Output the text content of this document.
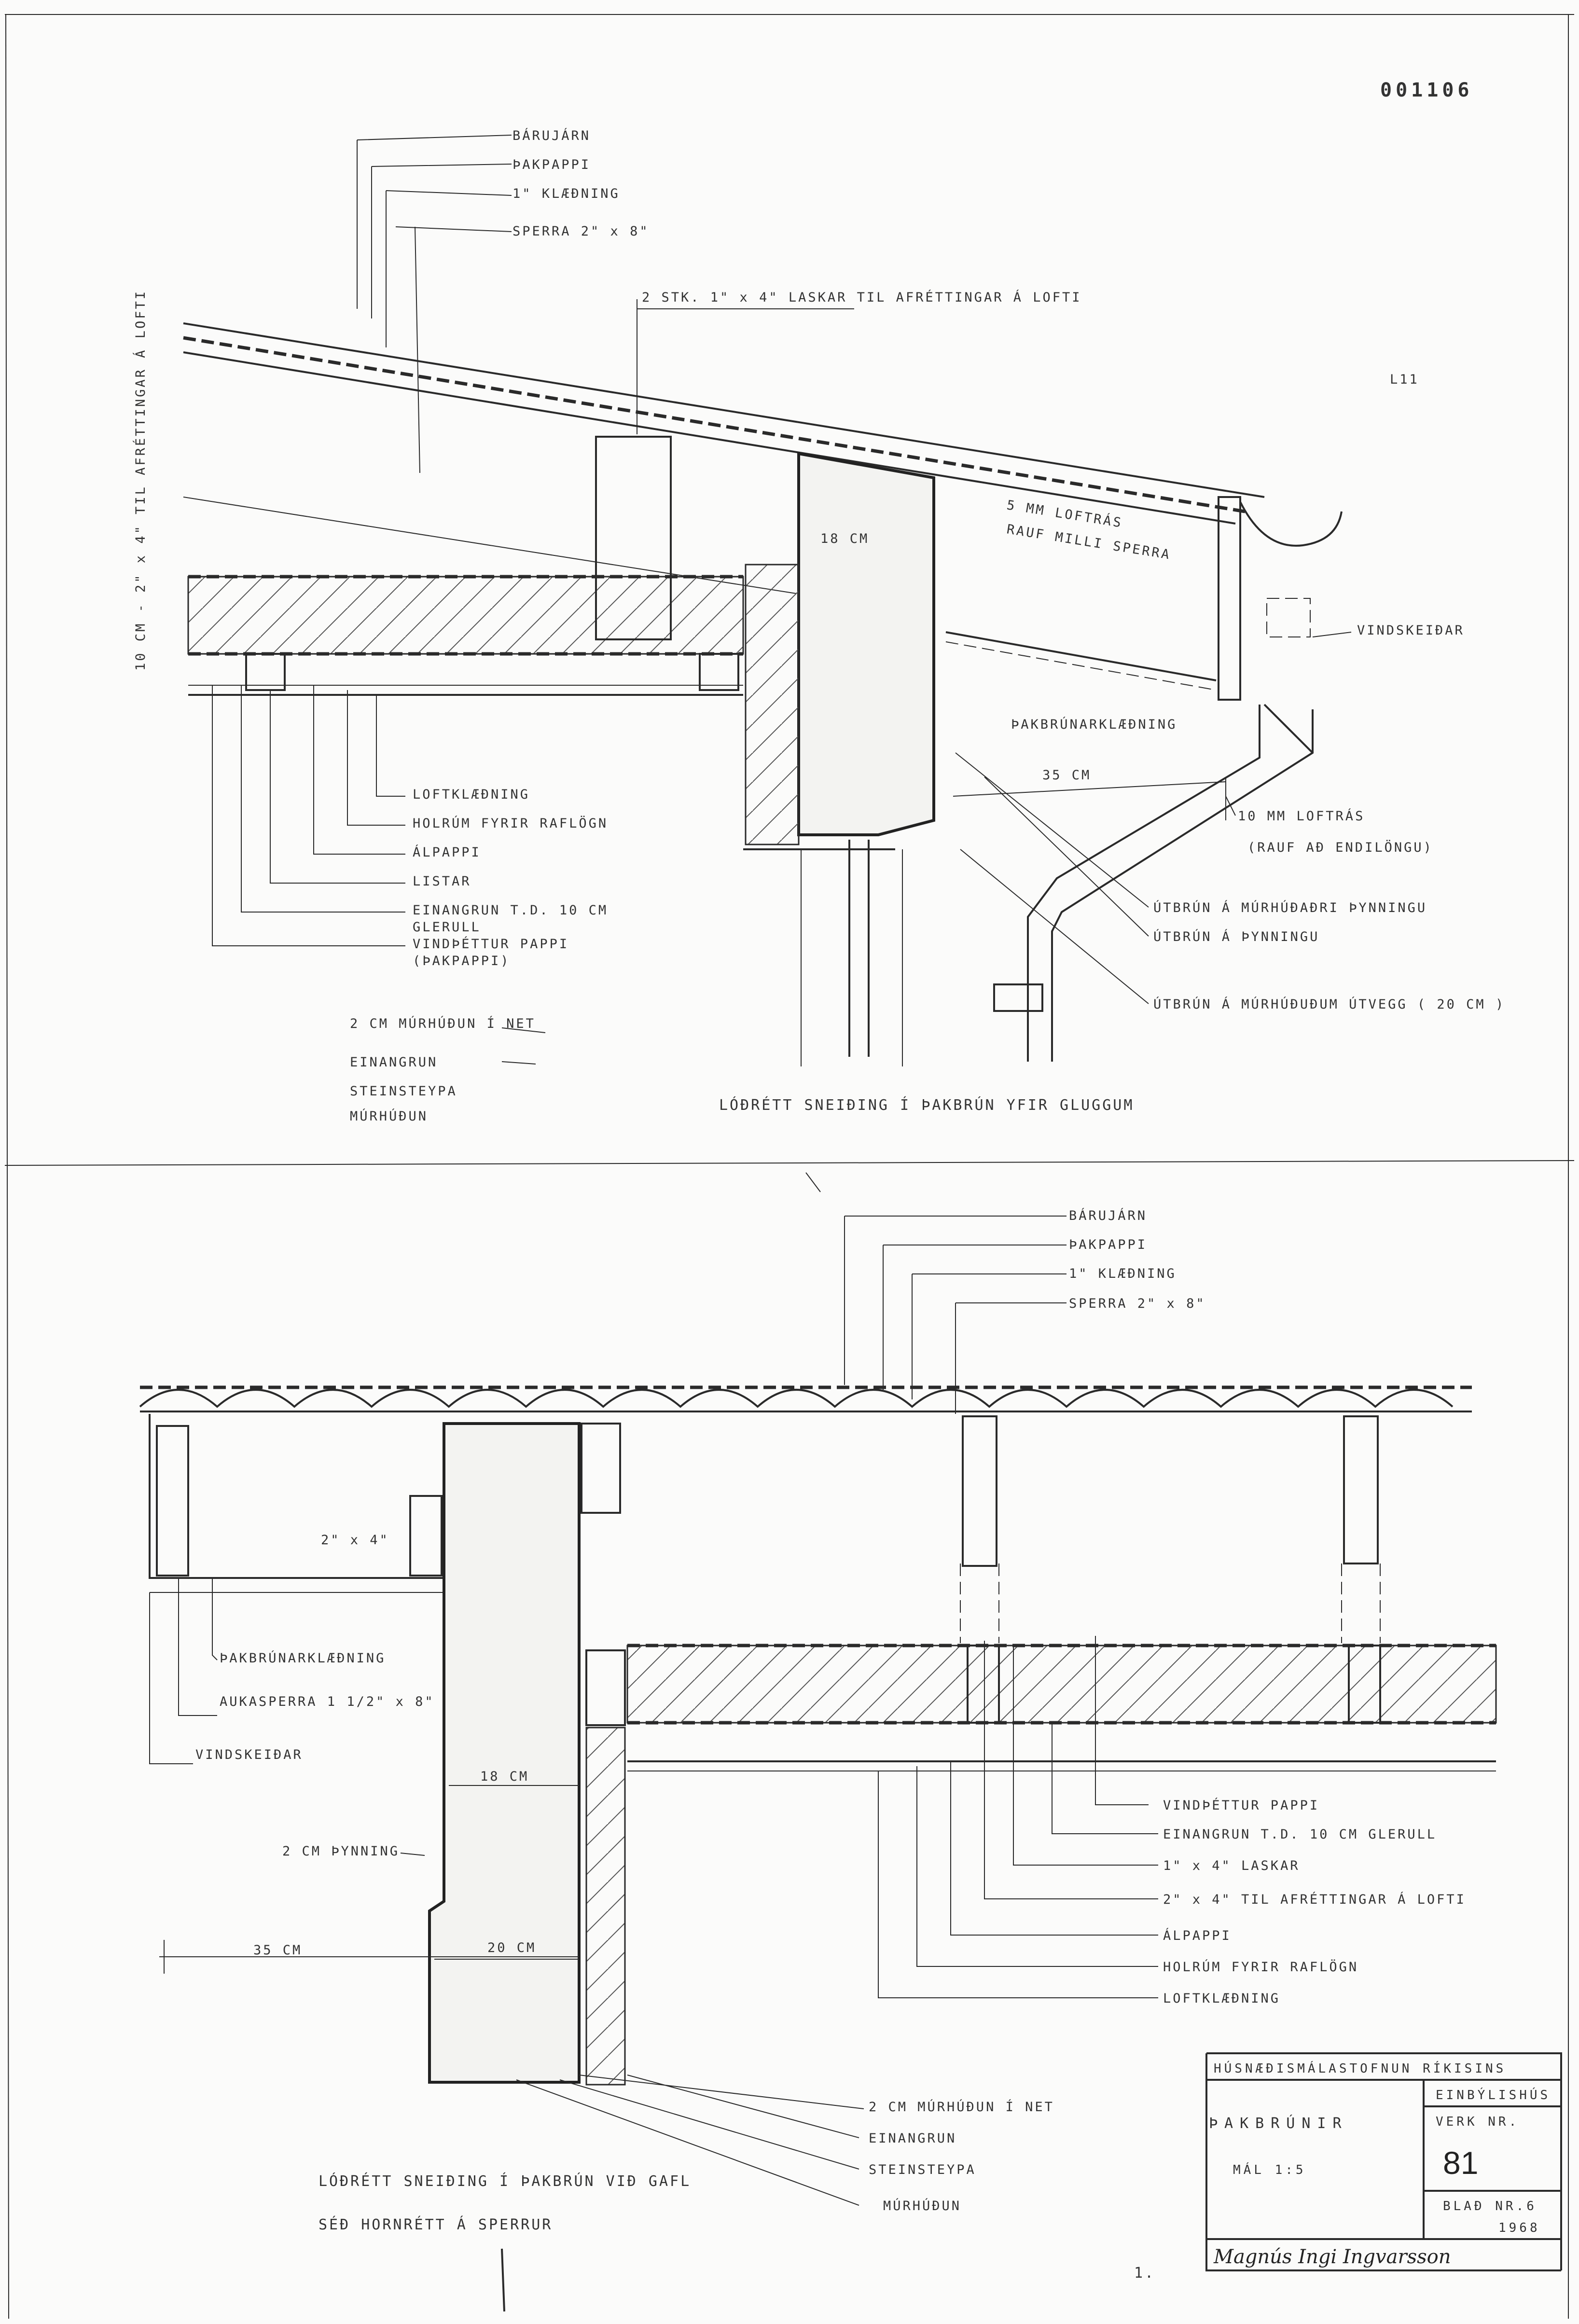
001106
L11
10 CM - 2" x 4" TIL AFRÉTTINGAR Á LOFTI
BÁRUJÁRN
ÞAKPAPPI
1" KLÆÐNING
SPERRA 2" x 8"
2 STK. 1" x 4" LASKAR TIL AFRÉTTINGAR Á LOFTI
18 CM
5 MM LOFTRÁS
RAUF MILLI SPERRA
VINDSKEIÐAR
ÞAKBRÚNARKLÆÐNING
35 CM
10 MM LOFTRÁS
(RAUF AÐ ENDILÖNGU)
ÚTBRÚN Á MÚRHÚÐAÐRI ÞYNNINGU
ÚTBRÚN Á ÞYNNINGU
ÚTBRÚN Á MÚRHÚÐUÐUM ÚTVEGG ( 20 CM )
LOFTKLÆÐNING
HOLRÚM FYRIR RAFLÖGN
ÁLPAPPI
LISTAR
EINANGRUN T.D. 10 CM
GLERULL
VINDÞÉTTUR PAPPI
(ÞAKPAPPI)
2 CM MÚRHÚÐUN Í NET
EINANGRUN
STEINSTEYPA
MÚRHÚÐUN
LÓÐRÉTT SNEIÐING Í ÞAKBRÚN YFIR GLUGGUM
BÁRUJÁRN
ÞAKPAPPI
1" KLÆÐNING
SPERRA 2" x 8"
2" x 4"
ÞAKBRÚNARKLÆÐNING
AUKASPERRA 1 1/2" x 8"
VINDSKEIÐAR
18 CM
2 CM ÞYNNING
35 CM	20 CM
VINDÞÉTTUR PAPPI
EINANGRUN T.D. 10 CM GLERULL
1" x 4" LASKAR
2" x 4" TIL AFRÉTTINGAR Á LOFTI
ÁLPAPPI
HOLRÚM FYRIR RAFLÖGN
LOFTKLÆÐNING
2 CM MÚRHÚÐUN Í NET
EINANGRUN
STEINSTEYPA
MÚRHÚÐUN
LÓÐRÉTT SNEIÐING Í ÞAKBRÚN VIÐ GAFL
SÉÐ HORNRÉTT Á SPERRUR
HÚSNÆÐISMÁLASTOFNUN RÍKISINS
EINBÝLISHÚS
ÞAKBRÚNIR	VERK NR.
81
MÁL 1:5
BLAÐ NR.6
1968
Magnús Ingi Ingvarsson
1.
